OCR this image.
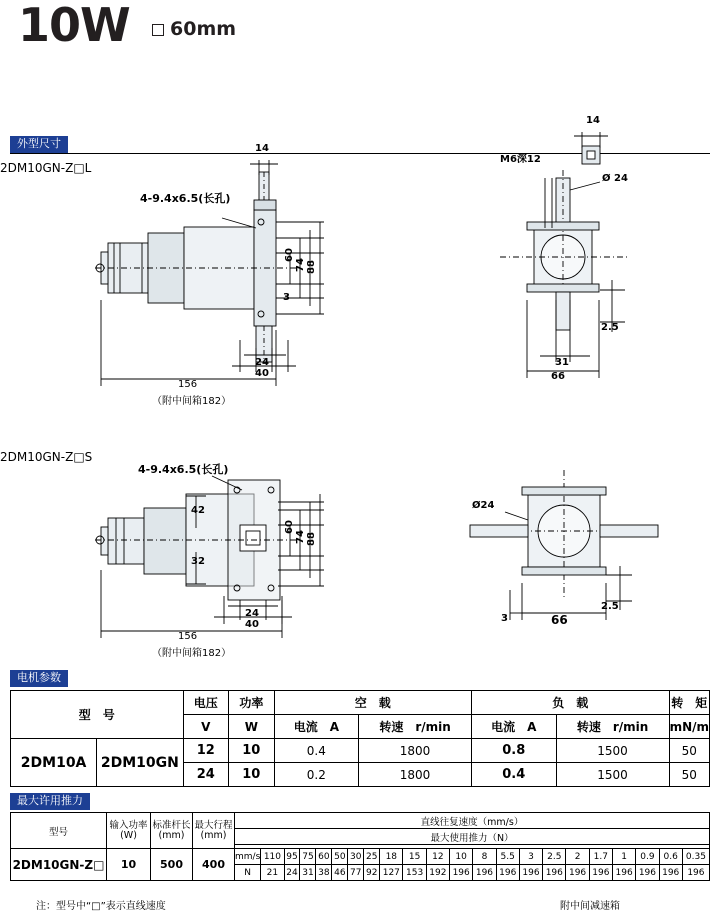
10W 60mm
外型尺寸
2DM10GN-Z□L
2DM10GN-Z□S
14
4-9.4x6.5(长孔)
60
74 88
3
24
40
156
（附中间箱182）
14
M6深12
Ø 24
2.5
31
66
4-9.4x6.5(长孔)
42
32
60
74 88
24
40
156
（附中间箱182）
Ø24
2.5
3	66
电机参数
型　号		电压	功率	空　载		负　载		转　矩
		V	W	电流　A	转速　r/min	电流　A	转速　r/min	mN/m
2DM10A	2DM10GN	12	10	0.4	1800	0.8	1500	50
		24	10	0.2	1800	0.4	1500	50
最大许用推力
型号	输入功率(W)	标准杆长(mm)	最大行程(mm)	直线往复速度（mm/s）																					
				最大使用推力（N）																					

2DM10GN-Z□	10	500	400	mm/s	110	95	75	60	50	30	25	18	15	12	10	8	5.5	3	2.5	2	1.7	1	0.9	0.6	0.35
				N	21	24	31	38	46	77	92	127	153	192	196	196	196	196	196	196	196	196	196	196	196
注：型号中“□”表示直线速度	附中间减速箱
